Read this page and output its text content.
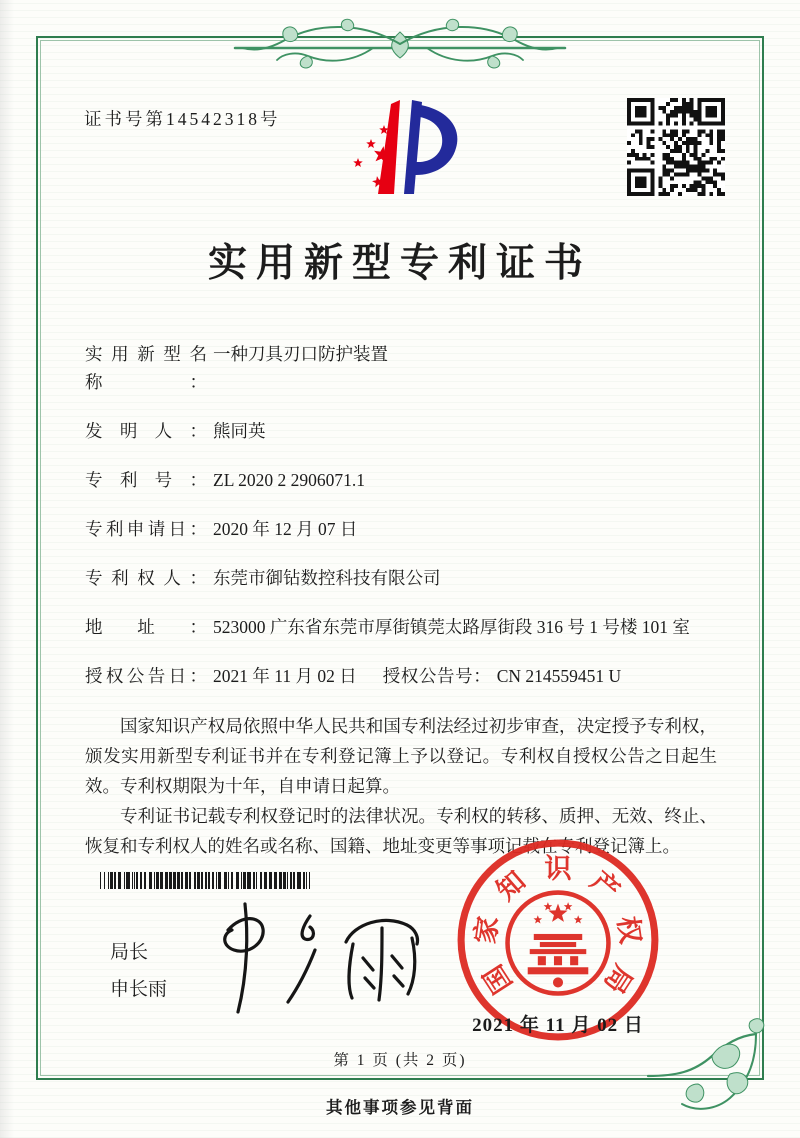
证书号第14542318号
实用新型专利证书
实用新型名称：
一种刀具刃口防护装置
发明人： 熊同英
专利号： ZL 2020 2 2906071.1
专利申请日： 2020 年 12 月 07 日
专利权人： 东莞市御钻数控科技有限公司
地址： 523000 广东省东莞市厚街镇莞太路厚街段 316 号 1 号楼 101 室
授权公告日： 2021 年 11 月 02 日 授权公告号： CN 214559451 U

国家知识产权局依照中华人民共和国专利法经过初步审查，决定授予专利权，颁发实用新型专利证书并在专利登记簿上予以登记。专利权自授权公告之日起生效。专利权期限为十年，自申请日起算。

专利证书记载专利权登记时的法律状况。专利权的转移、质押、无效、终止、恢复和专利权人的姓名或名称、国籍、地址变更等事项记载在专利登记簿上。

局长
申长雨	国
家
知 识 产
权
局
2021 年 11 月 02 日
第 1 页 (共 2 页)
其他事项参见背面
